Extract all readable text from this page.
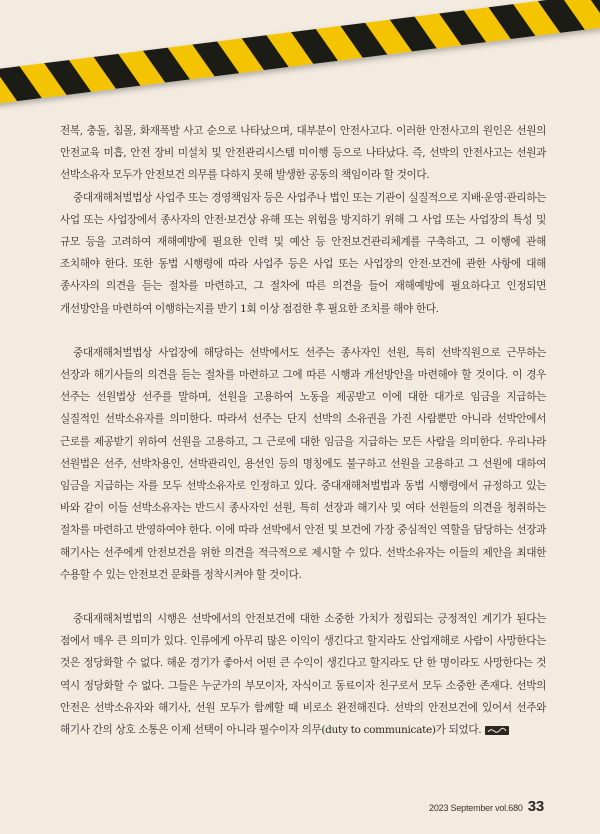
전복, 충돌, 침몰, 화재폭발 사고 순으로 나타났으며, 대부분이 안전사고다. 이러한 안전사고의 원인은 선원의 안전교육 미흡, 안전 장비 미설치 및 안전관리시스템 미이행 등으로 나타났다. 즉, 선박의 안전사고는 선원과 선박소유자 모두가 안전보건 의무를 다하지 못해 발생한 공동의 책임이라 할 것이다.

중대재해처벌법상 사업주 또는 경영책임자 등은 사업주나 법인 또는 기관이 실질적으로 지배·운영·관리하는 사업 또는 사업장에서 종사자의 안전·보건상 유해 또는 위험을 방지하기 위해 그 사업 또는 사업장의 특성 및 규모 등을 고려하여 재해예방에 필요한 인력 및 예산 등 안전보건관리체계를 구축하고, 그 이행에 관해 조치해야 한다. 또한 동법 시행령에 따라 사업주 등은 사업 또는 사업장의 안전·보건에 관한 사항에 대해 종사자의 의견을 듣는 절차를 마련하고, 그 절차에 따른 의견을 들어 재해예방에 필요하다고 인정되면 개선방안을 마련하여 이행하는지를 반기 1회 이상 점검한 후 필요한 조치를 해야 한다.

중대재해처벌법상 사업장에 해당하는 선박에서도 선주는 종사자인 선원, 특히 선박직원으로 근무하는 선장과 해기사들의 의견을 듣는 절차를 마련하고 그에 따른 시행과 개선방안을 마련해야 할 것이다. 이 경우 선주는 선원법상 선주를 말하며, 선원을 고용하여 노동을 제공받고 이에 대한 대가로 임금을 지급하는 실질적인 선박소유자를 의미한다. 따라서 선주는 단지 선박의 소유권을 가진 사람뿐만 아니라 선박안에서 근로를 제공받기 위하여 선원을 고용하고, 그 근로에 대한 임금을 지급하는 모든 사람을 의미한다. 우리나라 선원법은 선주, 선박차용인, 선박관리인, 용선인 등의 명칭에도 불구하고 선원을 고용하고 그 선원에 대하여 임금을 지급하는 자를 모두 선박소유자로 인정하고 있다. 중대재해처벌법과 동법 시행령에서 규정하고 있는 바와 같이 이들 선박소유자는 반드시 종사자인 선원, 특히 선장과 해기사 및 여타 선원들의 의견을 청취하는 절차를 마련하고 반영하여야 한다. 이에 따라 선박에서 안전 및 보건에 가장 중심적인 역할을 담당하는 선장과 해기사는 선주에게 안전보건을 위한 의견을 적극적으로 제시할 수 있다. 선박소유자는 이들의 제안을 최대한 수용할 수 있는 안전보건 문화를 정착시켜야 할 것이다.

중대재해처벌법의 시행은 선박에서의 안전보건에 대한 소중한 가치가 정립되는 긍정적인 계기가 된다는 점에서 매우 큰 의미가 있다. 인류에게 아무리 많은 이익이 생긴다고 할지라도 산업재해로 사람이 사망한다는 것은 정당화할 수 없다. 해운 경기가 좋아서 어떤 큰 수익이 생긴다고 할지라도 단 한 명이라도 사망한다는 것 역시 정당화할 수 없다. 그들은 누군가의 부모이자, 자식이고 동료이자 친구로서 모두 소중한 존재다. 선박의 안전은 선박소유자와 해기사, 선원 모두가 함께할 때 비로소 완전해진다. 선박의 안전보건에 있어서 선주와 해기사 간의 상호 소통은 이제 선택이 아니라 필수이자 의무(duty to communicate)가 되었다.

2023 September vol.680 33
